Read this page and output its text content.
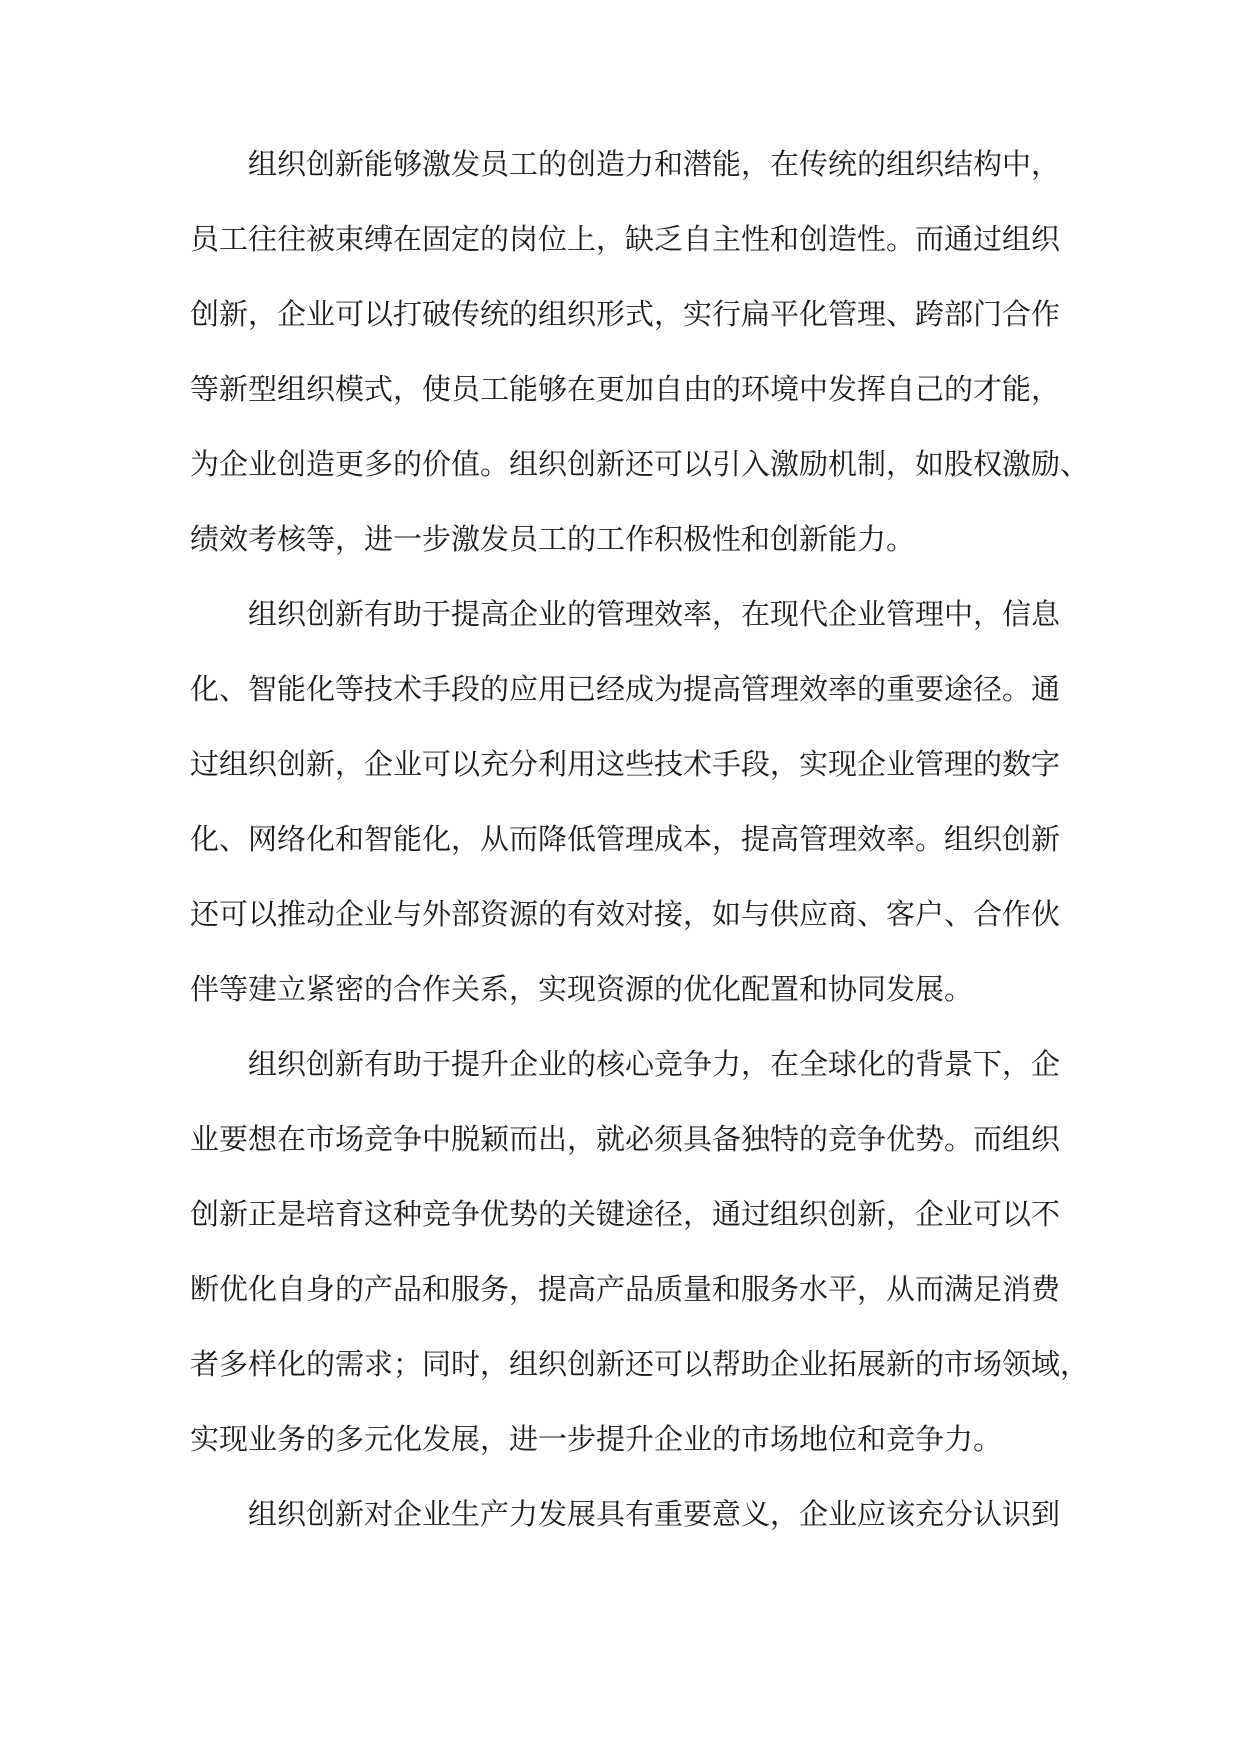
组织创新能够激发员工的创造力和潜能，在传统的组织结构中，
员工往往被束缚在固定的岗位上，缺乏自主性和创造性。而通过组织
创新，企业可以打破传统的组织形式，实行扁平化管理、跨部门合作
等新型组织模式，使员工能够在更加自由的环境中发挥自己的才能，
为企业创造更多的价值。组织创新还可以引入激励机制，如股权激励、
绩效考核等，进一步激发员工的工作积极性和创新能力。
组织创新有助于提高企业的管理效率，在现代企业管理中，信息
化、智能化等技术手段的应用已经成为提高管理效率的重要途径。通
过组织创新，企业可以充分利用这些技术手段，实现企业管理的数字
化、网络化和智能化，从而降低管理成本，提高管理效率。组织创新
还可以推动企业与外部资源的有效对接，如与供应商、客户、合作伙
伴等建立紧密的合作关系，实现资源的优化配置和协同发展。
组织创新有助于提升企业的核心竞争力，在全球化的背景下，企
业要想在市场竞争中脱颖而出，就必须具备独特的竞争优势。而组织
创新正是培育这种竞争优势的关键途径，通过组织创新，企业可以不
断优化自身的产品和服务，提高产品质量和服务水平，从而满足消费
者多样化的需求；同时，组织创新还可以帮助企业拓展新的市场领域，
实现业务的多元化发展，进一步提升企业的市场地位和竞争力。
组织创新对企业生产力发展具有重要意义，企业应该充分认识到
